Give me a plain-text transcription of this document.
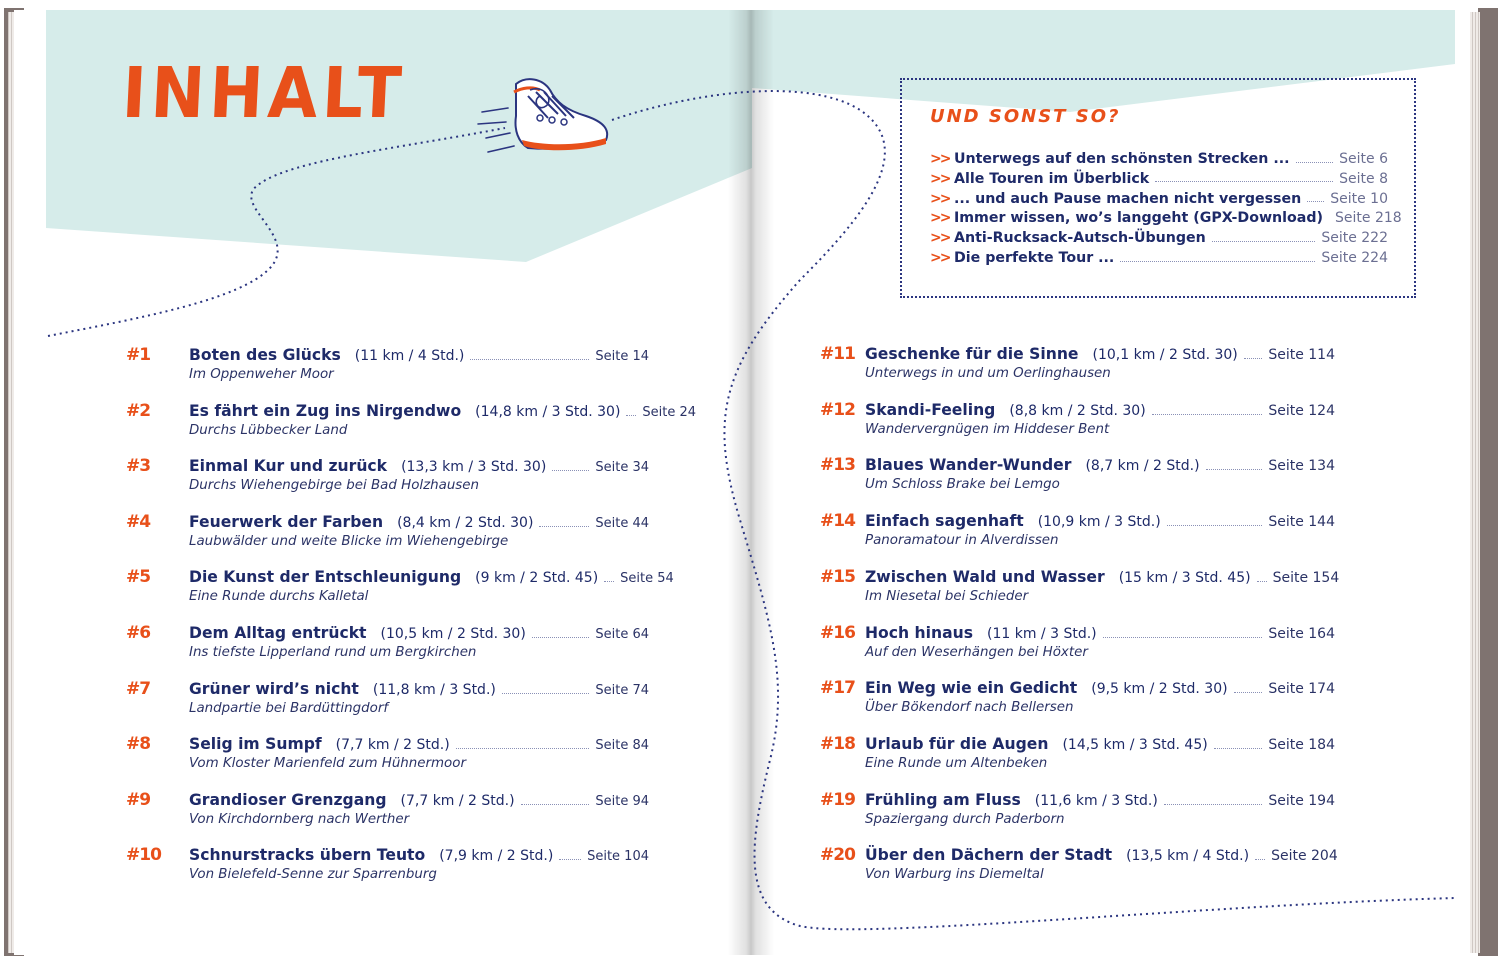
INHALT	UND SONST SO?
>> Unterwegs auf den schönsten Strecken ...	Seite 6
>> Alle Touren im Überblick	Seite 8
>> ... und auch Pause machen nicht vergessen Seite 10
>> Immer wissen, wo’s langgeht (GPX-Download) Seite 218
>> Anti-Rucksack-Autsch-Übungen	Seite 222
>> Die perfekte Tour ...	Seite 224
#1 Boten des Glücks (11 km / 4 Std.)	Seite 14
Im Oppenweher Moor
#2 Es fährt ein Zug ins Nirgendwo (14,8 km / 3 Std. 30) Seite 24
Durchs Lübbecker Land
#3 Einmal Kur und zurück (13,3 km / 3 Std. 30)	Seite 34
Durchs Wiehengebirge bei Bad Holzhausen
#4 Feuerwerk der Farben (8,4 km / 2 Std. 30)	Seite 44
Laubwälder und weite Blicke im Wiehengebirge
#5 Die Kunst der Entschleunigung (9 km / 2 Std. 45) Seite 54
Eine Runde durchs Kalletal
#6 Dem Alltag entrückt (10,5 km / 2 Std. 30)	Seite 64
Ins tiefste Lipperland rund um Bergkirchen
#7 Grüner wird’s nicht (11,8 km / 3 Std.)	Seite 74
Landpartie bei Bardüttingdorf
#8 Selig im Sumpf (7,7 km / 2 Std.)	Seite 84
Vom Kloster Marienfeld zum Hühnermoor
#9 Grandioser Grenzgang (7,7 km / 2 Std.)	Seite 94
Von Kirchdornberg nach Werther
#10 Schnurstracks übern Teuto (7,9 km / 2 Std.)	Seite 104
Von Bielefeld-Senne zur Sparrenburg
#11 Geschenke für die Sinne (10,1 km / 2 Std. 30) Seite 114
Unterwegs in und um Oerlinghausen
#12 Skandi-Feeling (8,8 km / 2 Std. 30)	Seite 124
Wandervergnügen im Hiddeser Bent
#13 Blaues Wander-Wunder (8,7 km / 2 Std.)	Seite 134
Um Schloss Brake bei Lemgo
#14 Einfach sagenhaft (10,9 km / 3 Std.)	Seite 144
Panoramatour in Alverdissen
#15 Zwischen Wald und Wasser (15 km / 3 Std. 45) Seite 154
Im Niesetal bei Schieder
#16 Hoch hinaus (11 km / 3 Std.)	Seite 164
Auf den Weserhängen bei Höxter
#17 Ein Weg wie ein Gedicht (9,5 km / 2 Std. 30)	Seite 174
Über Bökendorf nach Bellersen
#18 Urlaub für die Augen (14,5 km / 3 Std. 45)	Seite 184
Eine Runde um Altenbeken
#19 Frühling am Fluss (11,6 km / 3 Std.)	Seite 194
Spaziergang durch Paderborn
#20 Über den Dächern der Stadt (13,5 km / 4 Std.) Seite 204
Von Warburg ins Diemeltal
